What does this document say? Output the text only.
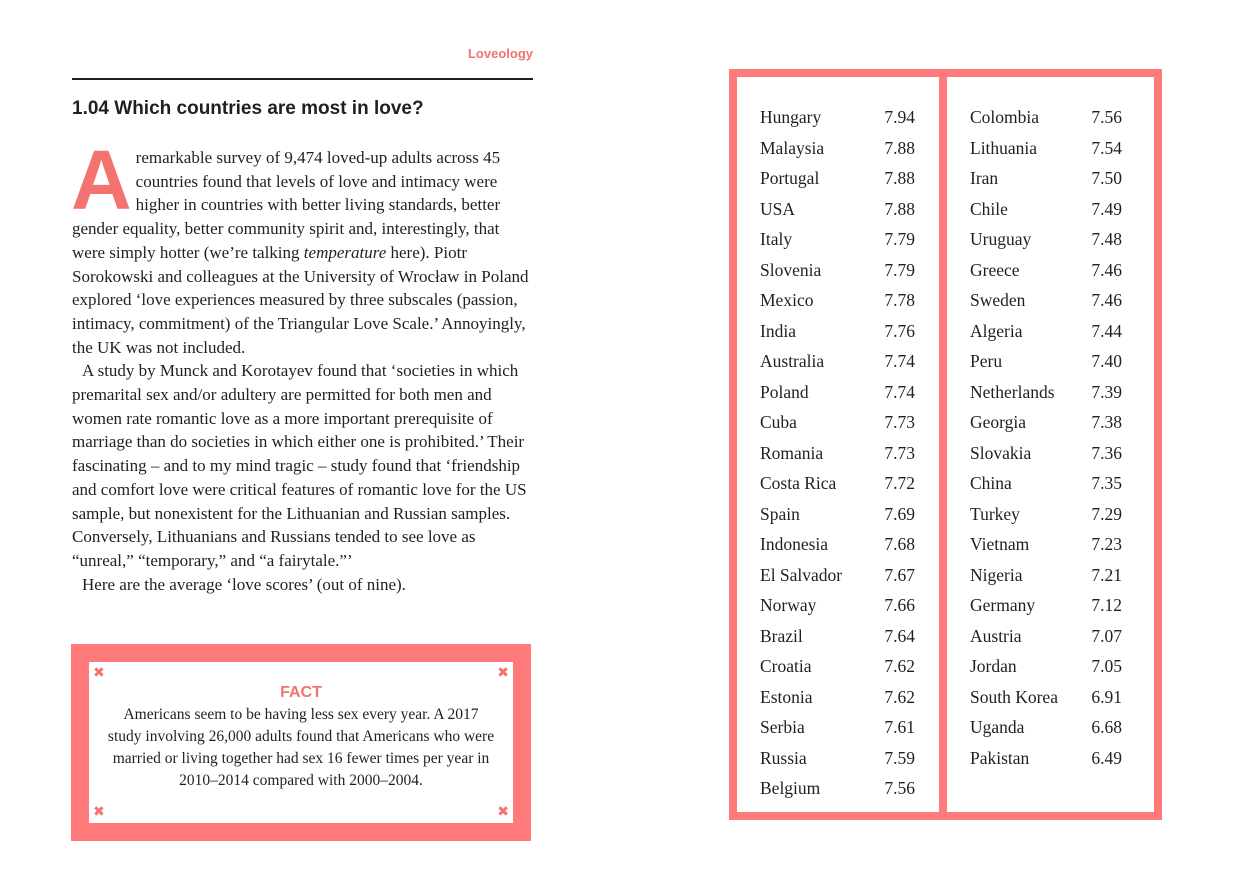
Loveology
1.04 Which countries are most in love?

Aremarkable survey of 9,474 loved-up adults across 45 countries found that levels of love and intimacy were higher in countries with better living standards, better gender equality, better community spirit and, interestingly, that were simply hotter (we’re talking temperature here). Piotr Sorokowski and colleagues at the University of Wrocław in Poland explored ‘love experiences measured by three subscales (passion, intimacy, commitment) of the Triangular Love Scale.’ Annoyingly, the UK was not included.

A study by Munck and Korotayev found that ‘societies in which premarital sex and/or adultery are permitted for both men and women rate romantic love as a more important prerequisite of marriage than do societies in which either one is prohibited.’ Their fascinating – and to my mind tragic – study found that ‘friendship and comfort love were critical features of romantic love for the US sample, but nonexistent for the Lithuanian and Russian samples. Conversely, Lithuanians and Russians tended to see love as “unreal,” “temporary,” and “a fairytale.”’

Here are the average ‘love scores’ (out of nine).

✖	✖
✖	✖
FACT

Americans seem to be having less sex every year. A 2017 study involving 26,000 adults found that Americans who were married or living together had sex 16 fewer times per year in 2010–2014 compared with 2000–2004.

Hungary	7.94
Malaysia	7.88
Portugal	7.88
USA	7.88
Italy	7.79
Slovenia	7.79
Mexico	7.78
India	7.76
Australia	7.74
Poland	7.74
Cuba	7.73
Romania	7.73
Costa Rica	7.72
Spain	7.69
Indonesia	7.68
El Salvador 7.67
Norway	7.66
Brazil	7.64
Croatia	7.62
Estonia	7.62
Serbia	7.61
Russia	7.59
Belgium	7.56
Colombia	7.56
Lithuania	7.54
Iran	7.50
Chile	7.49
Uruguay	7.48
Greece	7.46
Sweden	7.46
Algeria	7.44
Peru	7.40
Netherlands 7.39
Georgia	7.38
Slovakia	7.36
China	7.35
Turkey	7.29
Vietnam	7.23
Nigeria	7.21
Germany	7.12
Austria	7.07
Jordan	7.05
South Korea 6.91
Uganda	6.68
Pakistan	6.49
